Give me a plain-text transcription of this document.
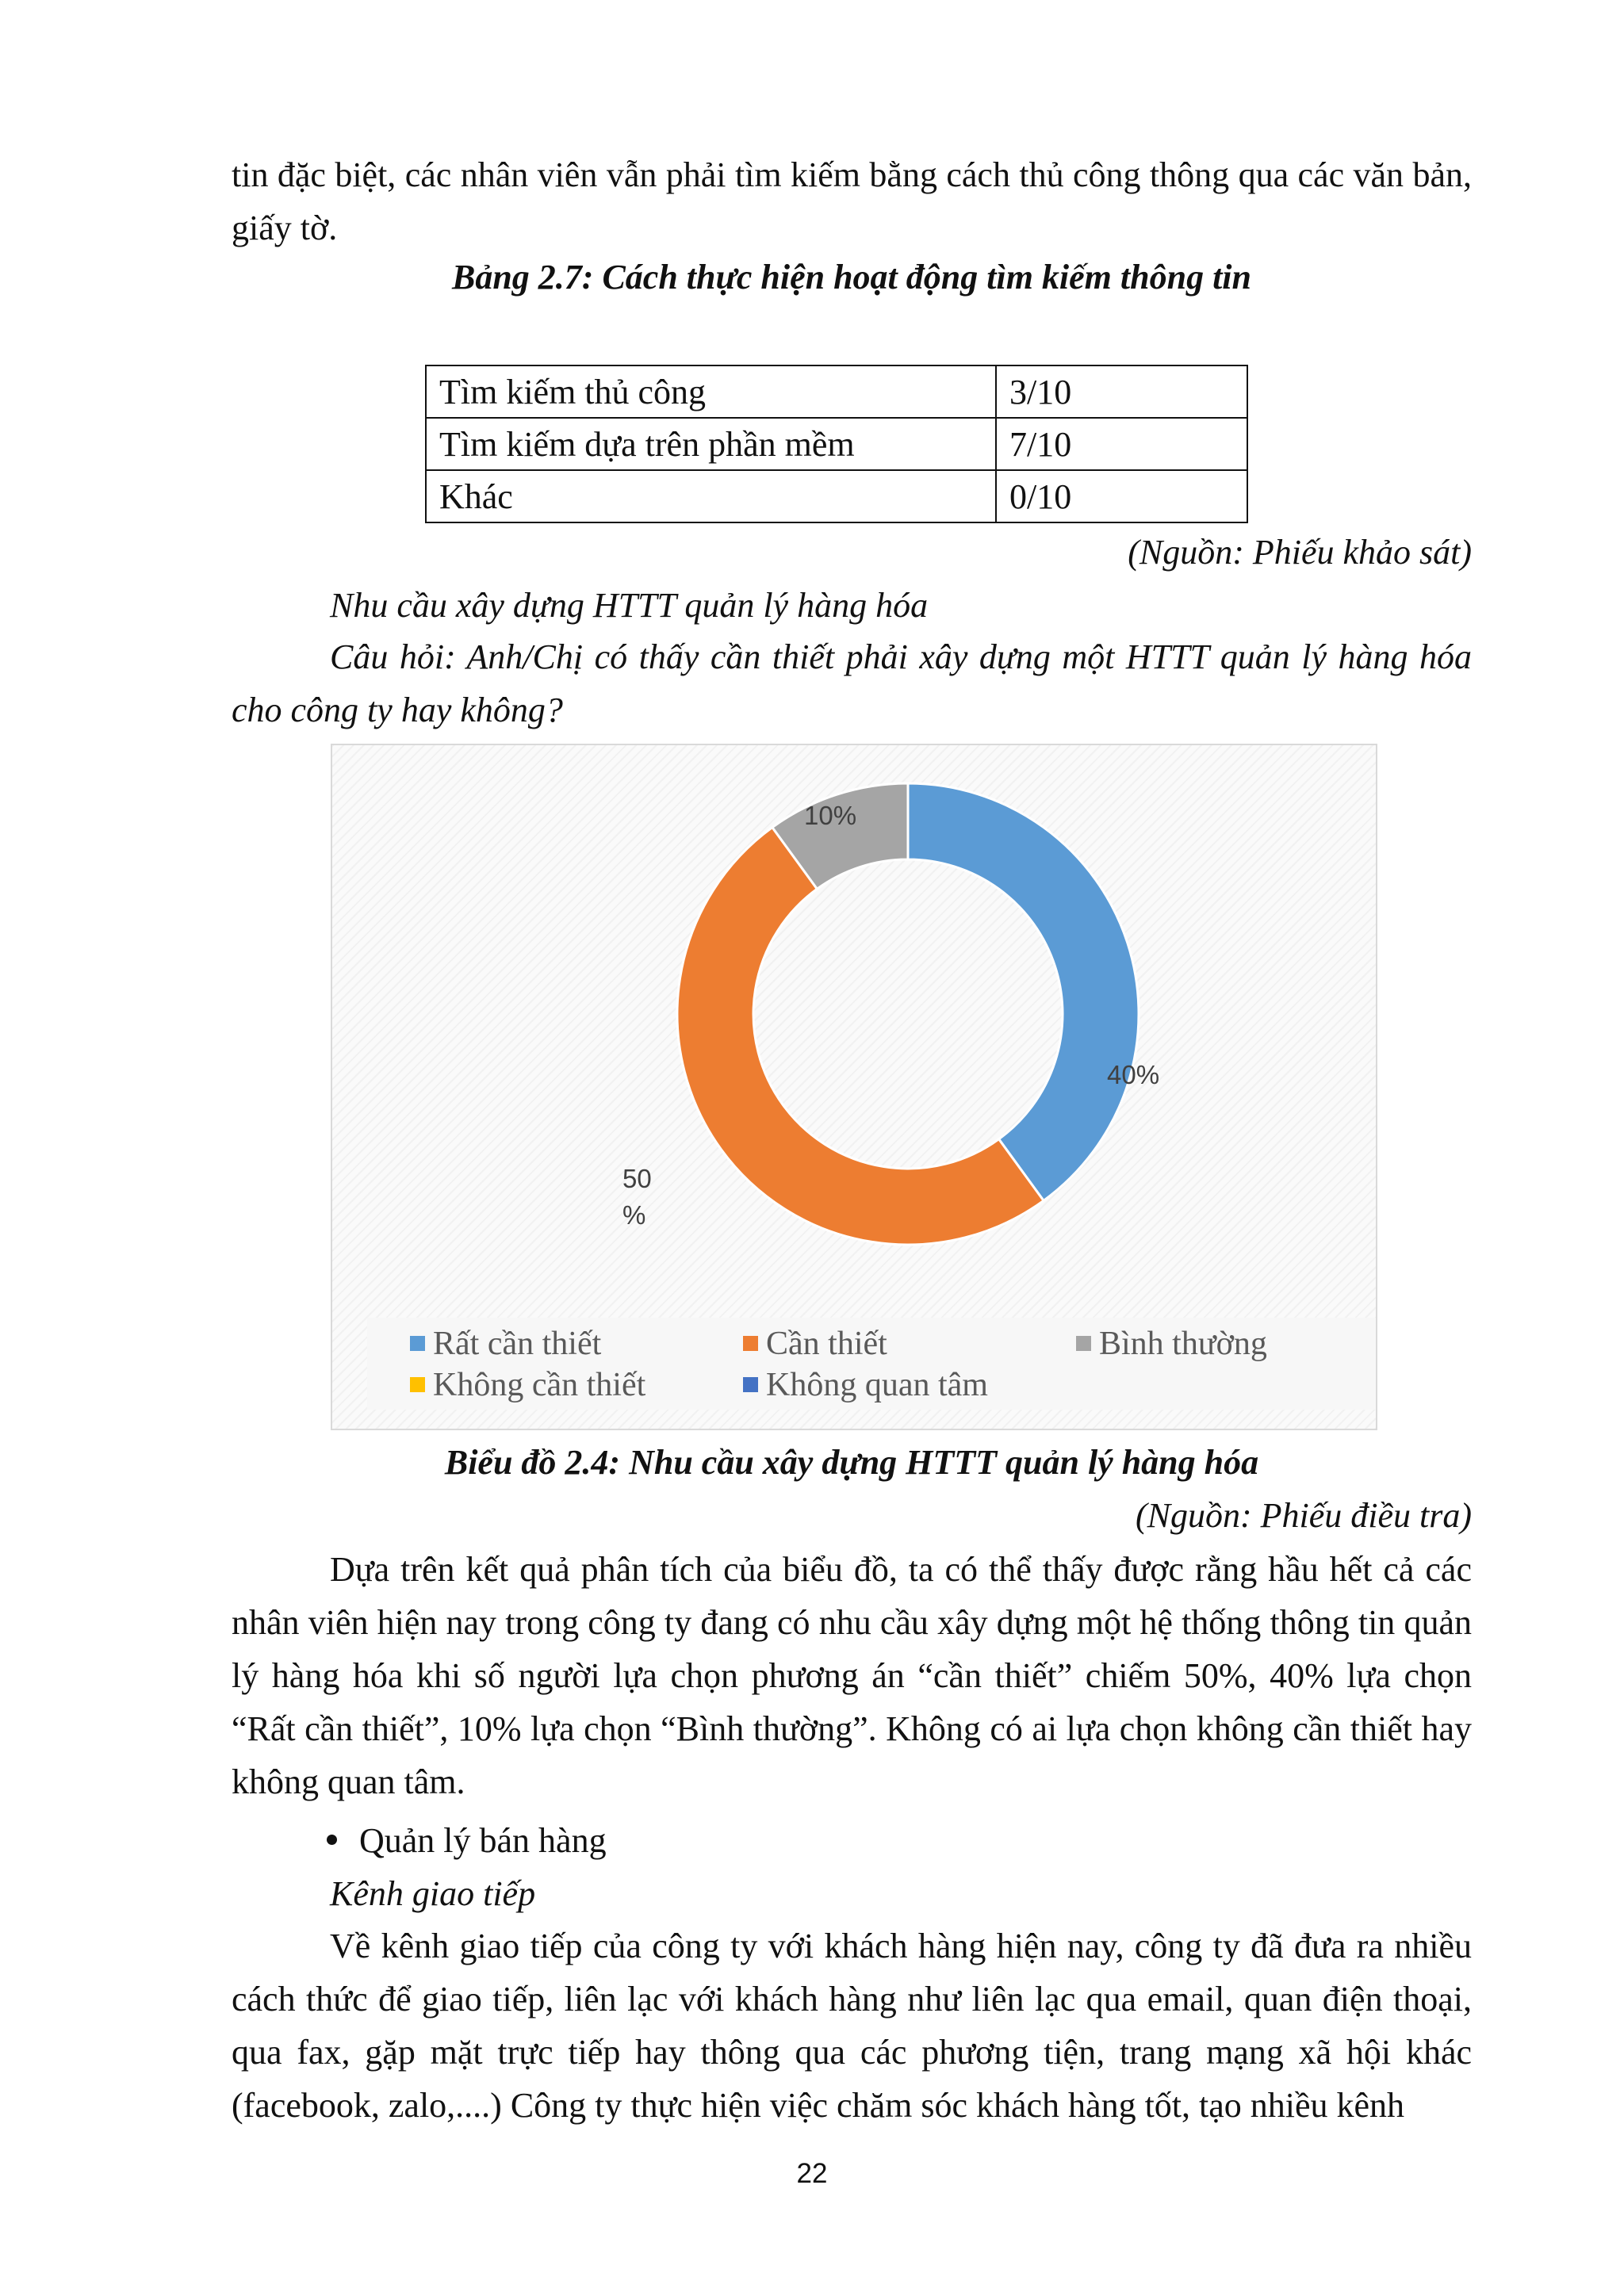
tin đặc biệt, các nhân viên vẫn phải tìm kiếm bằng cách thủ công thông qua các văn bản, giấy tờ.
Bảng 2.7: Cách thực hiện hoạt động tìm kiếm thông tin
Tìm kiếm thủ công	3/10
Tìm kiếm dựa trên phần mềm	7/10
Khác	0/10
(Nguồn: Phiếu khảo sát)
Nhu cầu xây dựng HTTT quản lý hàng hóa
Câu hỏi: Anh/Chị có thấy cần thiết phải xây dựng một HTTT quản lý hàng hóa cho công ty hay không?
10%
40%
50
%
Rất cần thiết	Cần thiết	Bình thường
Không cần thiết	Không quan tâm
Biểu đồ 2.4: Nhu cầu xây dựng HTTT quản lý hàng hóa
(Nguồn: Phiếu điều tra)
Dựa trên kết quả phân tích của biểu đồ, ta có thể thấy được rằng hầu hết cả các nhân viên hiện nay trong công ty đang có nhu cầu xây dựng một hệ thống thông tin quản lý hàng hóa khi số người lựa chọn phương án “cần thiết” chiếm 50%, 40% lựa chọn “Rất cần thiết”, 10% lựa chọn “Bình thường”. Không có ai lựa chọn không cần thiết hay không quan tâm.
Quản lý bán hàng
Kênh giao tiếp
Về kênh giao tiếp của công ty với khách hàng hiện nay, công ty đã đưa ra nhiều cách thức để giao tiếp, liên lạc với khách hàng như liên lạc qua email, quan điện thoại, qua fax, gặp mặt trực tiếp hay thông qua các phương tiện, trang mạng xã hội khác (facebook, zalo,....) Công ty thực hiện việc chăm sóc khách hàng tốt, tạo nhiều kênh
22
